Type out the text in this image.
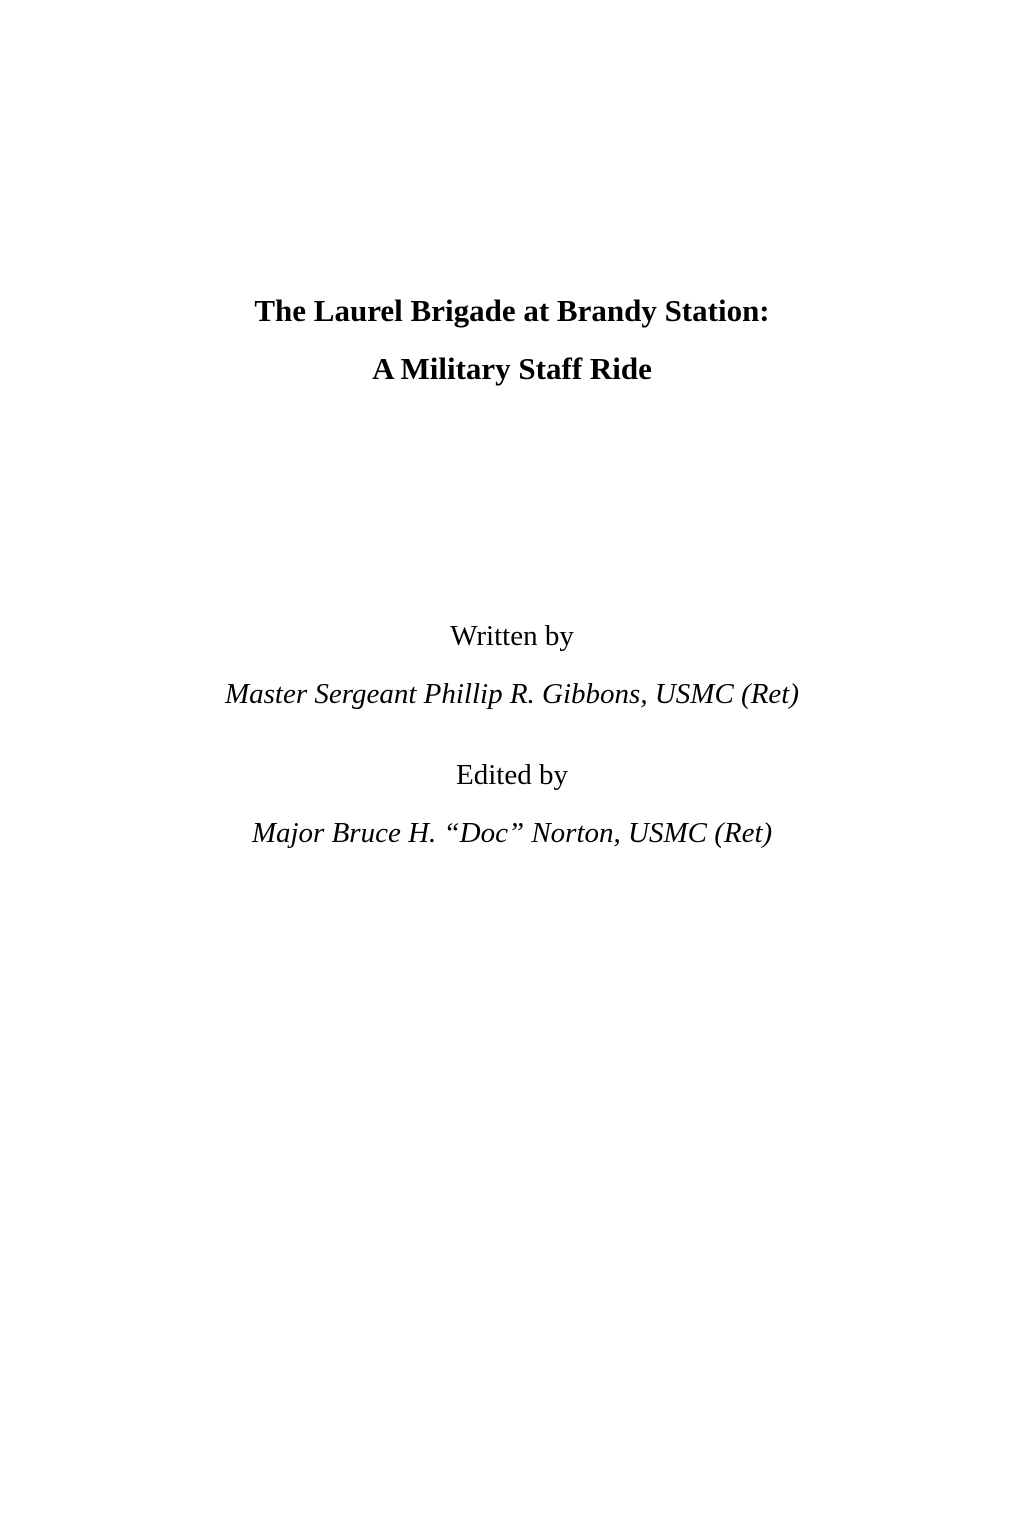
The Laurel Brigade at Brandy Station:
A Military Staff Ride
Written by
Master Sergeant Phillip R. Gibbons, USMC (Ret)
Edited by
Major Bruce H. “Doc” Norton, USMC (Ret)
